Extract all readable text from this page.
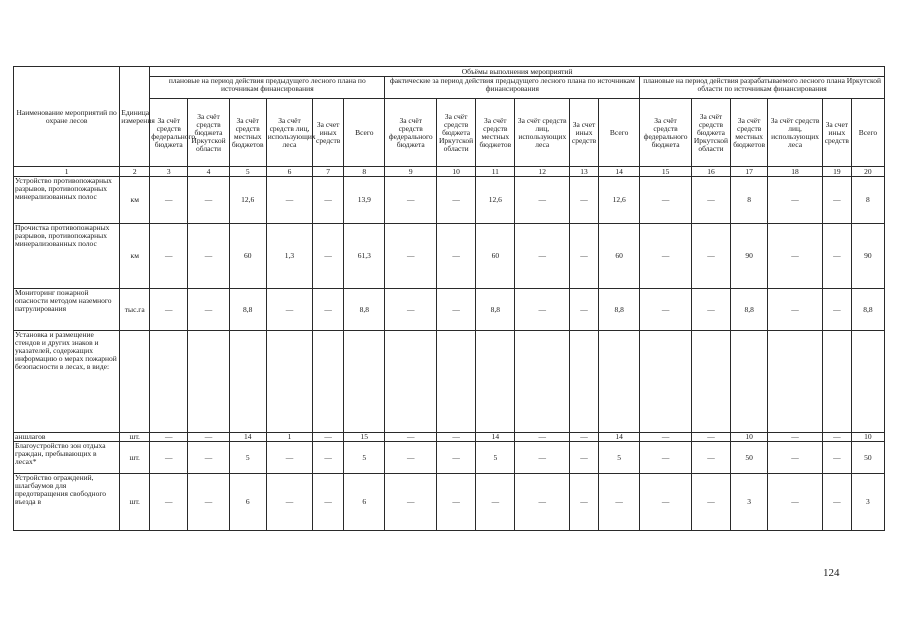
Наименование мероприятий по охране лесов	Единица измерения	Объёмы выполнения мероприятий																	
		плановые на период действия предыдущего лесного плана по источникам финансирования						фактические за период действия предыдущего лесного плана по источникам финансирования						плановые на период действия разрабатываемого лесного плана Иркутской области по источникам финансирования					
		За счёт средств федерального бюджета	За счёт средств бюджета Иркутской области	За счёт средств местных бюджетов	За счёт средств лиц, использующих леса	За счет иных средств	Всего	За счёт средств федерального бюджета	За счёт средств бюджета Иркутской области	За счёт средств местных бюджетов	За счёт средств лиц, использующих леса	За счет иных средств	Всего	За счёт средств федерального бюджета	За счёт средств бюджета Иркутской области	За счёт средств местных бюджетов	За счёт средств лиц, использующих леса	За счет иных средств	Всего
1	2	3	4	5	6	7	8	9	10	11	12	13	14	15	16	17	18	19	20
Устройство противопожарных разрывов, противопожарных минерализованных полос	км	—	—	12,6	—	—	13,9	—	—	12,6	—	—	12,6	—	—	8	—	—	8
Прочистка противопожарных разрывов, противопожарных минерализованных полос	км	—	—	60	1,3	—	61,3	—	—	60	—	—	60	—	—	90	—	—	90
Мониторинг пожарной опасности методом наземного патрулирования	тыс.га	—	—	8,8	—	—	8,8	—	—	8,8	—	—	8,8	—	—	8,8	—	—	8,8
Установка и размещение стендов и других знаков и указателей, содержащих информацию о мерах пожарной безопасности в лесах, в виде:																			
аншлагов	шт.	—	—	14	1	—	15	—	—	14	—	—	14	—	—	10	—	—	10
Благоустройство зон отдыха граждан, пребывающих в лесах*	шт.	—	—	5	—	—	5	—	—	5	—	—	5	—	—	50	—	—	50
Устройство ограждений, шлагбаумов для предотвращения свободного въезда в	шт.	—	—	6	—	—	6	—	—	—	—	—	—	—	—	3	—	—	3
124
